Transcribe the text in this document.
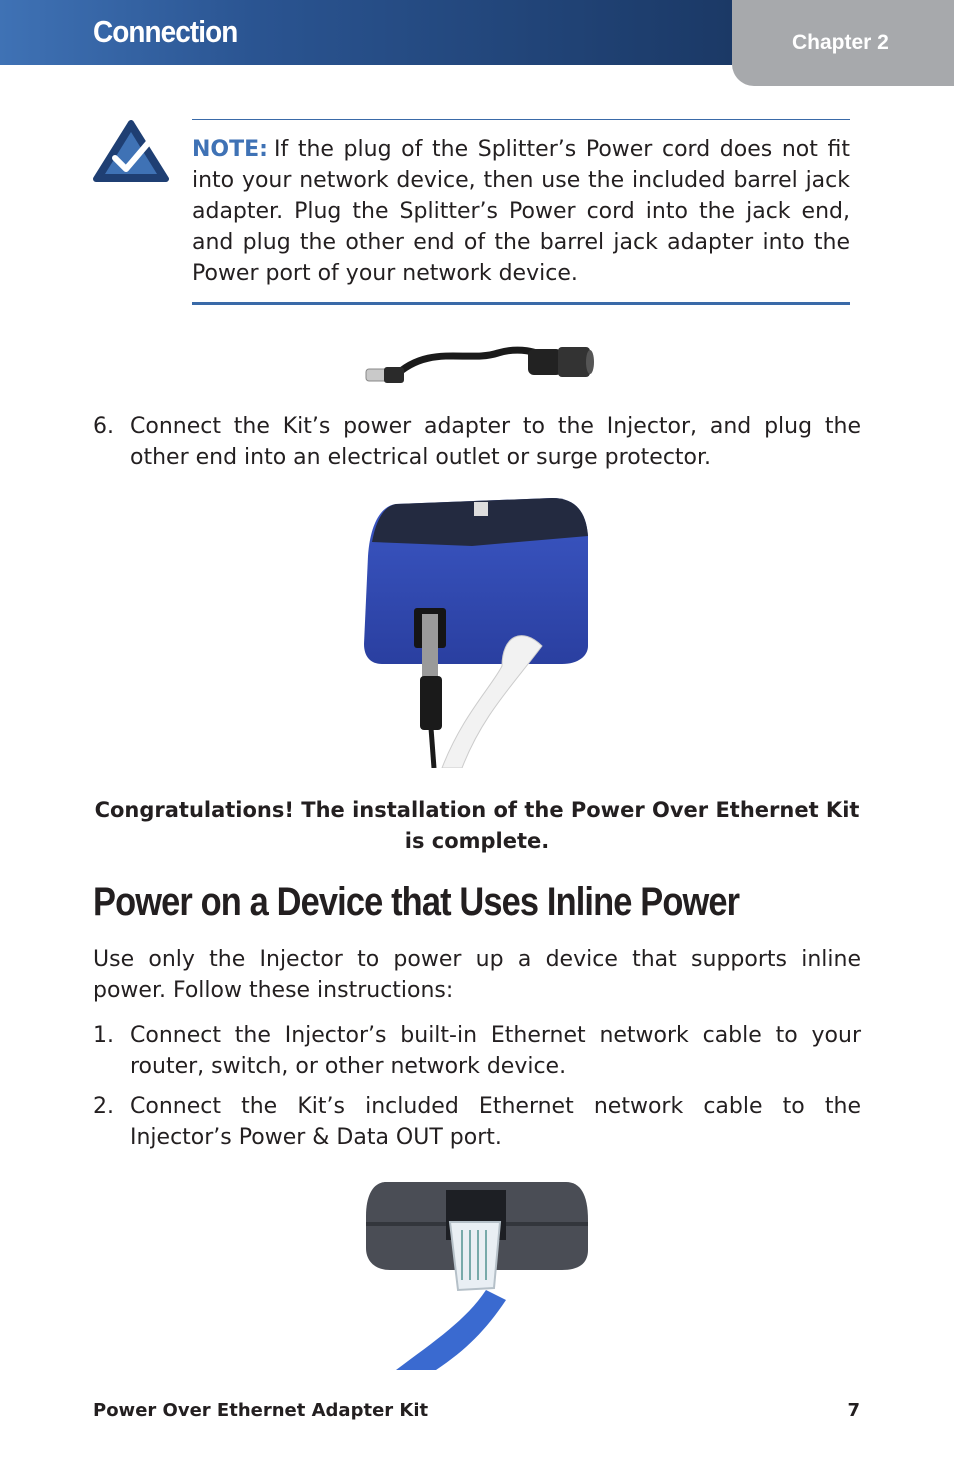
Connection	Chapter 2

NOTE: If the plug of the Splitter’s Power cord does not fit into your network device, then use the included barrel jack adapter. Plug the Splitter’s Power cord into the jack end, and plug the other end of the barrel jack adapter into the Power port of your network device.

6. Connect the Kit’s power adapter to the Injector, and plug the other end into an electrical outlet or surge protector.
Congratulations! The installation of the Power Over Ethernet Kit is complete.
Power on a Device that Uses Inline Power
Use only the Injector to power up a device that supports inline power. Follow these instructions:
1. Connect the Injector’s built-in Ethernet network cable to your router, switch, or other network device.
2. Connect the Kit’s included Ethernet network cable to the Injector’s Power & Data OUT port.
Power Over Ethernet Adapter Kit	7
